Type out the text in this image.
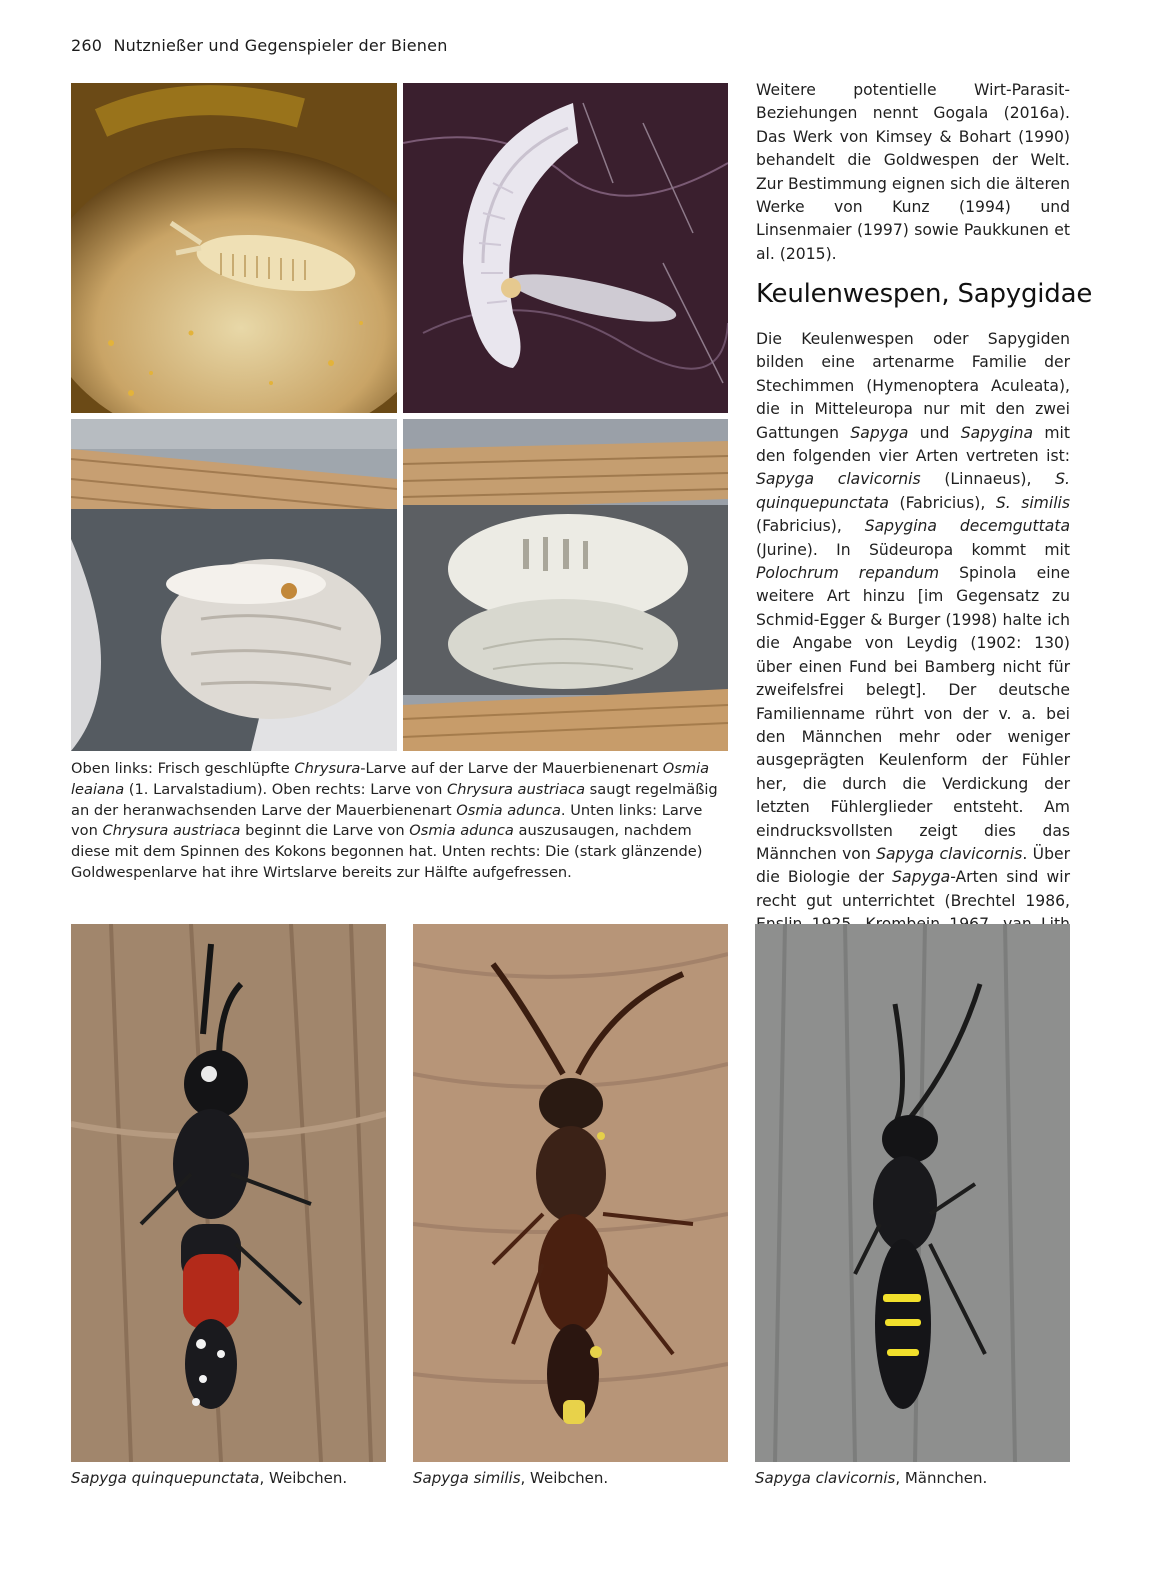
260 Nutznießer und Gegenspieler der Bienen
Oben links: Frisch geschlüpfte Chrysura-Larve auf der Larve der Mauerbienenart Osmia leaiana (1. Larvalstadium). Oben rechts: Larve von Chrysura austriaca saugt regelmäßig an der heranwachsenden Larve der Mauerbienenart Osmia adunca. Unten links: Larve von Chrysura austriaca beginnt die Larve von Osmia adunca auszusaugen, nachdem diese mit dem Spinnen des Kokons begonnen hat. Unten rechts: Die (stark glänzende) Goldwespenlarve hat ihre Wirtslarve bereits zur Hälfte aufgefressen.
Weitere potentielle Wirt-Parasit-Beziehungen nennt Gogala (2016a). Das Werk von Kimsey & Bohart (1990) behandelt die Goldwespen der Welt. Zur Bestimmung eignen sich die älteren Werke von Kunz (1994) und Linsenmaier (1997) sowie Paukkunen et al. (2015).
Keulenwespen, Sapygidae
Die Keulenwespen oder Sapygiden bilden eine artenarme Familie der Stechimmen (Hymenoptera Aculeata), die in Mitteleuropa nur mit den zwei Gattungen Sapyga und Sapygina mit den folgenden vier Arten vertreten ist: Sapyga clavicornis (Linnaeus), S. quinquepunctata (Fabricius), S. similis (Fabricius), Sapygina decemguttata (Jurine). In Südeuropa kommt mit Polochrum repandum Spinola eine weitere Art hinzu [im Gegensatz zu Schmid-Egger & Burger (1998) halte ich die Angabe von Leydig (1902: 130) über einen Fund bei Bamberg nicht für zweifelsfrei belegt]. Der deutsche Familienname rührt von der v. a. bei den Männchen mehr oder weniger ausgeprägten Keulenform der Fühler her, die durch die Verdickung der letzten Fühlerglieder entsteht. Am eindrucksvollsten zeigt dies das Männchen von Sapyga clavicornis. Über die Biologie der Sapyga-Arten sind wir recht gut unterrichtet (Brechtel 1986,
Sapyga quinquepunctata, Weibchen.	Sapyga similis, Weibchen.	Sapyga clavicornis, Männchen.
